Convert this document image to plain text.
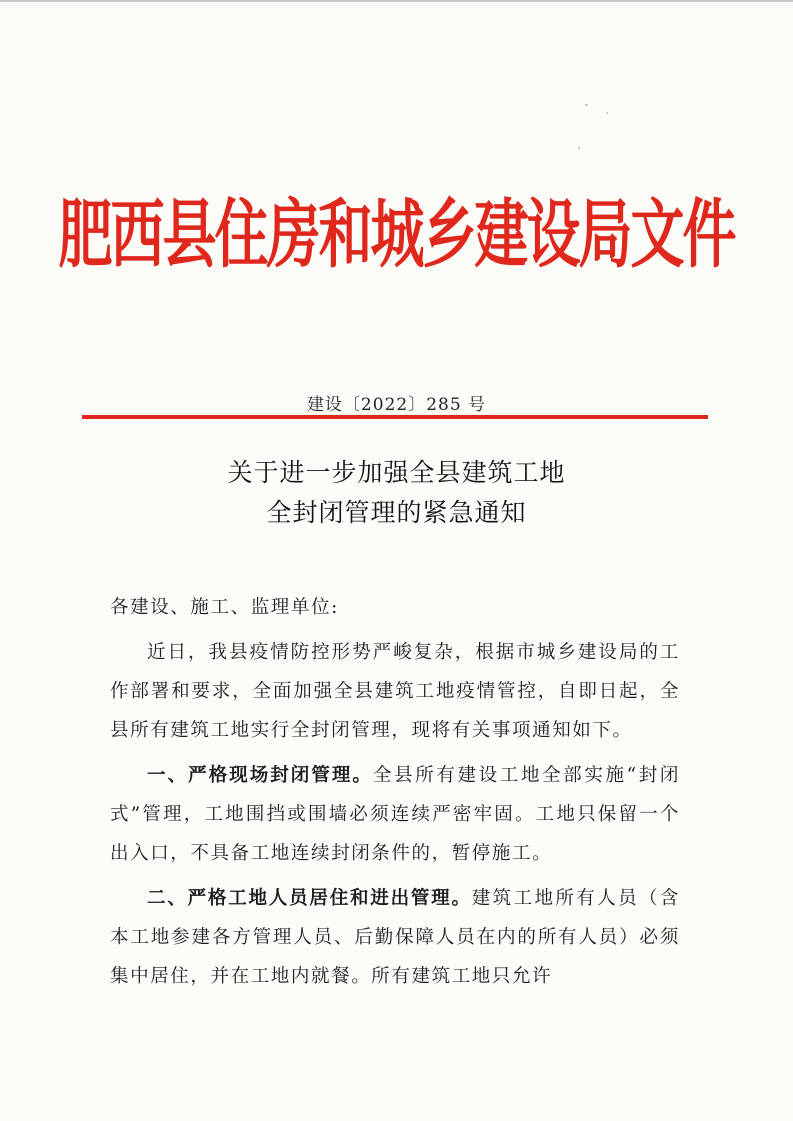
肥西县住房和城乡建设局文件
建设〔2022〕285 号
关于进一步加强全县建筑工地
全封闭管理的紧急通知

各建设、施工、监理单位:

近日，我县疫情防控形势严峻复杂，根据市城乡建设局的工作部署和要求，全面加强全县建筑工地疫情管控，自即日起，全县所有建筑工地实行全封闭管理，现将有关事项通知如下。

一、严格现场封闭管理。全县所有建设工地全部实施“封闭式”管理，工地围挡或围墙必须连续严密牢固。工地只保留一个出入口，不具备工地连续封闭条件的，暂停施工。

二、严格工地人员居住和进出管理。建筑工地所有人员（含本工地参建各方管理人员、后勤保障人员在内的所有人员）必须集中居住，并在工地内就餐。所有建筑工地只允许
